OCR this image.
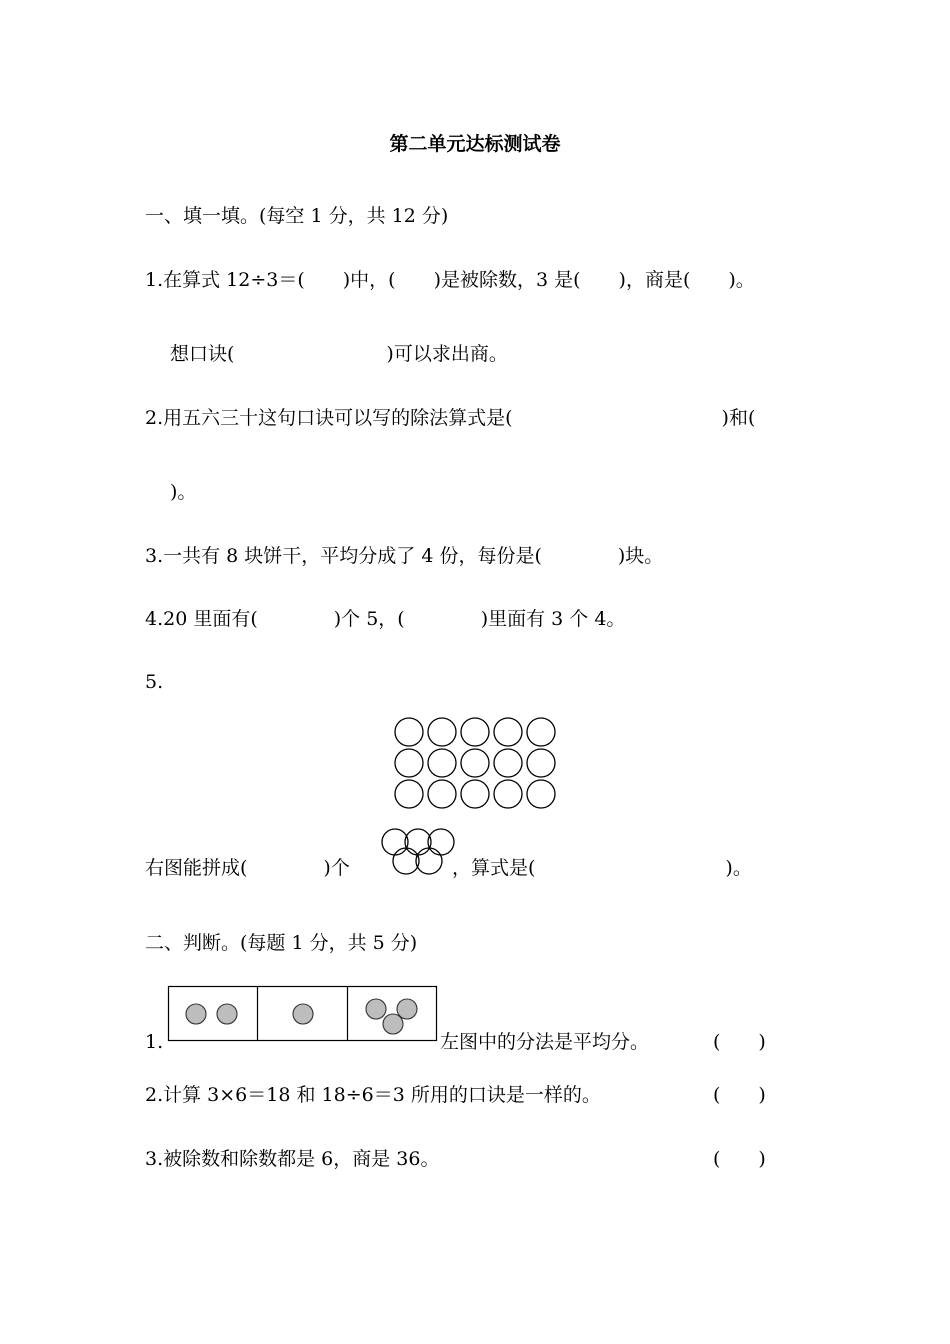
第二单元达标测试卷
一、填一填。(每空 1 分，共 12 分)
1.在算式 12÷3＝(　　)中，(　　)是被除数，3 是(　　)，商是(　　)。
想口诀(　　　　　　　　)可以求出商。
2.用五六三十这句口诀可以写的除法算式是(　　　　　　　　　　　)和(
)。
3.一共有 8 块饼干，平均分成了 4 份，每份是(　　　　)块。
4.20 里面有(　　　　)个 5，(　　　　)里面有 3 个 4。
5.
右图能拼成(　　　　)个	，算式是(　　　　　　　　　　)。
二、判断。(每题 1 分，共 5 分)
1.	左图中的分法是平均分。	(　　)
2.计算 3×6＝18 和 18÷6＝3 所用的口诀是一样的。	(　　)
3.被除数和除数都是 6，商是 36。	(　　)
